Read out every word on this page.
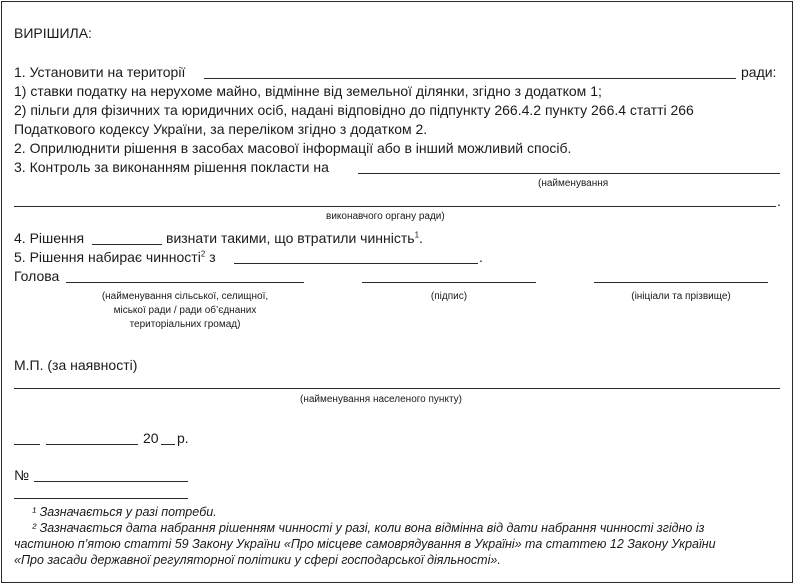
ВИРІШИЛА:
1. Установити на території	ради:
1) ставки податку на нерухоме майно, відмінне від земельної ділянки, згідно з додатком 1;
2) пільги для фізичних та юридичних осіб, надані відповідно до підпункту 266.4.2 пункту 266.4 статті 266
Податкового кодексу України, за переліком згідно з додатком 2.
2. Оприлюднити рішення в засобах масової інформації або в інший можливий спосіб.
3. Контроль за виконанням рішення покласти на
(найменування
.
виконавчого органу ради)
4. Рішення	визнати такими, що втратили чинність$^1$.
5. Рішення набирає чинності$^2$ з	.
Голова
(найменування сільської, селищної,
міської ради / ради об’єднаних
територіальних громад)
(підпис)	(ініціали та прізвище)
М.П. (за наявності)
(найменування населеного пункту)
20 р.
№
¹ Зазначається у разі потреби.
² Зазначається дата набрання рішенням чинності у разі, коли вона відмінна від дати набрання чинності згідно із
частиною п’ятою статті 59 Закону України «Про місцеве самоврядування в Україні» та статтею 12 Закону України
«Про засади державної регуляторної політики у сфері господарської діяльності».
